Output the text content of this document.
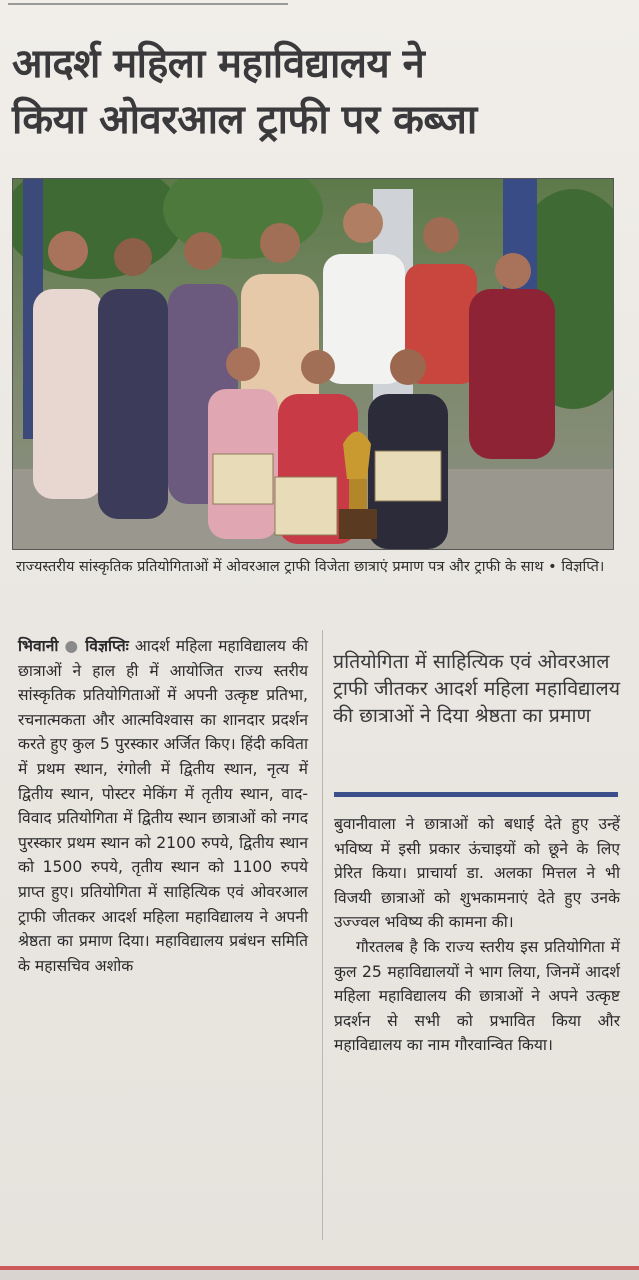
आदर्श महिला महाविद्यालय ने
किया ओवरआल ट्राफी पर कब्जा
राज्यस्तरीय सांस्कृतिक प्रतियोगिताओं में ओवरआल ट्राफी विजेता छात्राएं प्रमाण पत्र और ट्राफी के साथ • विज्ञप्ति।
भिवानी ● विज्ञप्तिः आदर्श महिला महाविद्यालय की छात्राओं ने हाल ही में आयोजित राज्य स्तरीय सांस्कृतिक प्रतियोगिताओं में अपनी उत्कृष्ट प्रतिभा, रचनात्मकता और आत्मविश्वास का शानदार प्रदर्शन करते हुए कुल 5 पुरस्कार अर्जित किए। हिंदी कविता में प्रथम स्थान, रंगोली में द्वितीय स्थान, नृत्य में द्वितीय स्थान, पोस्टर मेकिंग में तृतीय स्थान, वाद-विवाद प्रतियोगिता में द्वितीय स्थान छात्राओं को नगद पुरस्कार प्रथम स्थान को 2100 रुपये, द्वितीय स्थान को 1500 रुपये, तृतीय स्थान को 1100 रुपये प्राप्त हुए। प्रतियोगिता में साहित्यिक एवं ओवरआल ट्राफी जीतकर आदर्श महिला महाविद्यालय ने अपनी श्रेष्ठता का प्रमाण दिया। महाविद्यालय प्रबंधन समिति के महासचिव अशोक
प्रतियोगिता में साहित्यिक एवं ओवरआल ट्राफी जीतकर आदर्श महिला महाविद्यालय की छात्राओं ने दिया श्रेष्ठता का प्रमाण
बुवानीवाला ने छात्राओं को बधाई देते हुए उन्हें भविष्य में इसी प्रकार ऊंचाइयों को छूने के लिए प्रेरित किया। प्राचार्या डा. अलका मित्तल ने भी विजयी छात्राओं को शुभकामनाएं देते हुए उनके उज्ज्वल भविष्य की कामना की।
गौरतलब है कि राज्य स्तरीय इस प्रतियोगिता में कुल 25 महाविद्यालयों ने भाग लिया, जिनमें आदर्श महिला महाविद्यालय की छात्राओं ने अपने उत्कृष्ट प्रदर्शन से सभी को प्रभावित किया और महाविद्यालय का नाम गौरवान्वित किया।
